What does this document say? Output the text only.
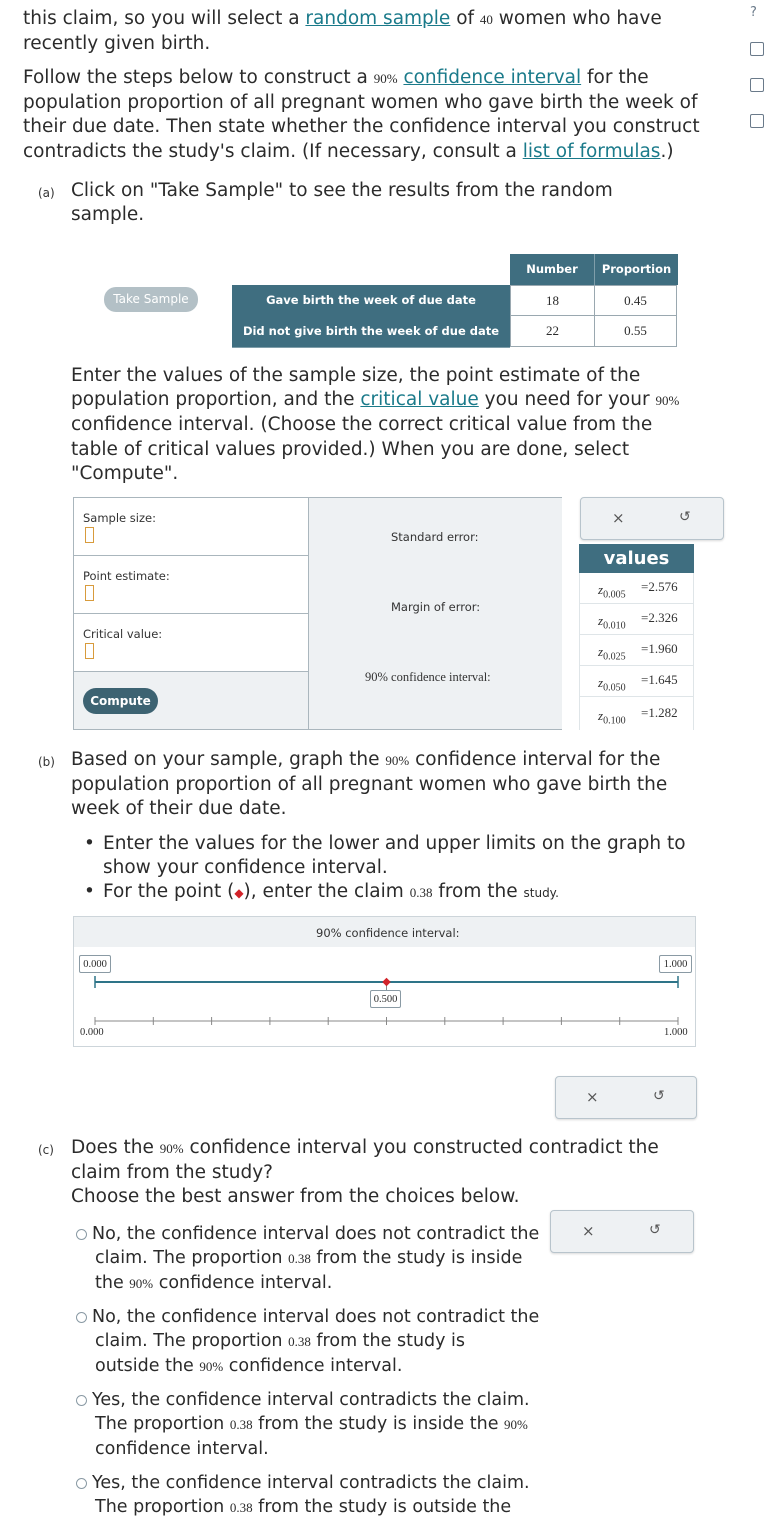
?
this claim, so you will select a random sample of 40 women who have
recently given birth.
Follow the steps below to construct a 90% confidence interval for the
population proportion of all pregnant women who gave birth the week of
their due date. Then state whether the confidence interval you construct
contradicts the study's claim. (If necessary, consult a list of formulas.)
(a) Click on "Take Sample" to see the results from the random
sample.
Take Sample
Number	Proportion
Gave birth the week of due date	18	0.45
Did not give birth the week of due date	22	0.55
Enter the values of the sample size, the point estimate of the
population proportion, and the critical value you need for your 90%
confidence interval. (Choose the correct critical value from the
table of critical values provided.) When you are done, select
"Compute".
Sample size:
Point estimate:
Critical value:
Compute
Standard error:
Margin of error:
90% confidence interval:
×	↺
values
$z_{0.005}$
=2.576
$z_{0.010}$
=2.326
$z_{0.025}$
=1.960
$z_{0.050}$
=1.645
$z_{0.100}$
=1.282
(b) Based on your sample, graph the 90% confidence interval for the
population proportion of all pregnant women who gave birth the
week of their due date.
• Enter the values for the lower and upper limits on the graph to
show your confidence interval.
• For the point (◆), enter the claim 0.38 from the study.
90% confidence interval:
0.000	1.000
0.500
0.000	1.000
×	↺
(c) Does the 90% confidence interval you constructed contradict the
claim from the study?
Choose the best answer from the choices below.
×	↺
No, the confidence interval does not contradict the
claim. The proportion 0.38 from the study is inside
the 90% confidence interval.
No, the confidence interval does not contradict the
claim. The proportion 0.38 from the study is
outside the 90% confidence interval.
Yes, the confidence interval contradicts the claim.
The proportion 0.38 from the study is inside the 90%
confidence interval.
Yes, the confidence interval contradicts the claim.
The proportion 0.38 from the study is outside the
